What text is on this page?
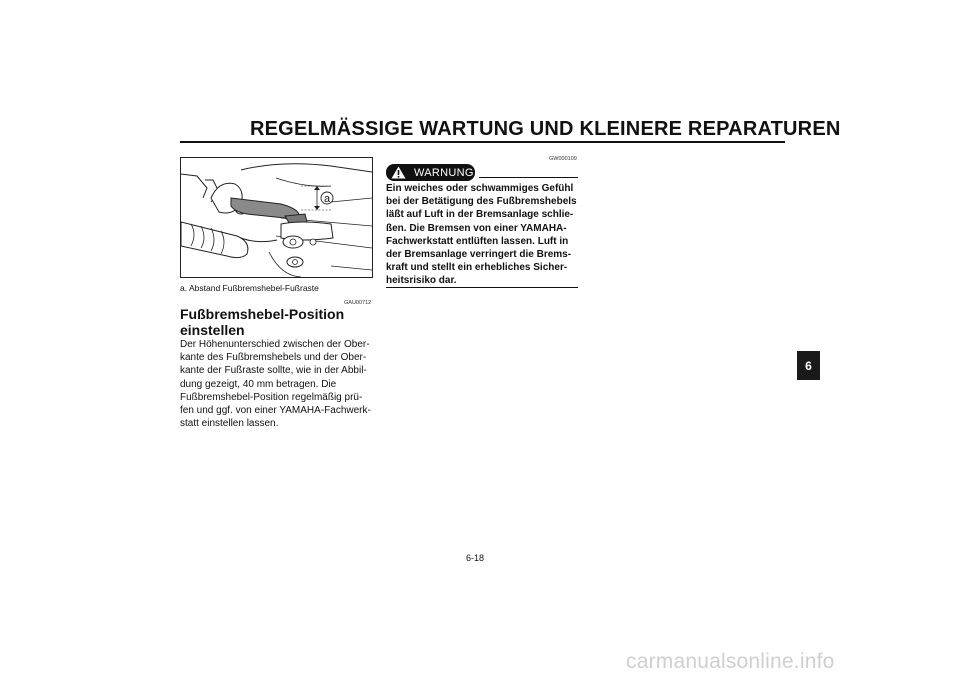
REGELMÄSSIGE WARTUNG UND KLEINERE REPARATUREN
a
a. Abstand Fußbremshebel-Fußraste
GAU00712
Fußbremshebel-Position
einstellen
Der Höhenunterschied zwischen der Ober-
kante des Fußbremshebels und der Ober-
kante der Fußraste sollte, wie in der Abbil-
dung gezeigt, 40 mm betragen. Die
Fußbremshebel-Position regelmäßig prü-
fen und ggf. von einer YAMAHA-Fachwerk-
statt einstellen lassen.
GW000109
WARNUNG
Ein weiches oder schwammiges Gefühl
bei der Betätigung des Fußbremshebels
läßt auf Luft in der Bremsanlage schlie-
ßen. Die Bremsen von einer YAMAHA-
Fachwerkstatt entlüften lassen. Luft in
der Bremsanlage verringert die Brems-
kraft und stellt ein erhebliches Sicher-
heitsrisiko dar.
6
6-18
carmanualsonline.info
